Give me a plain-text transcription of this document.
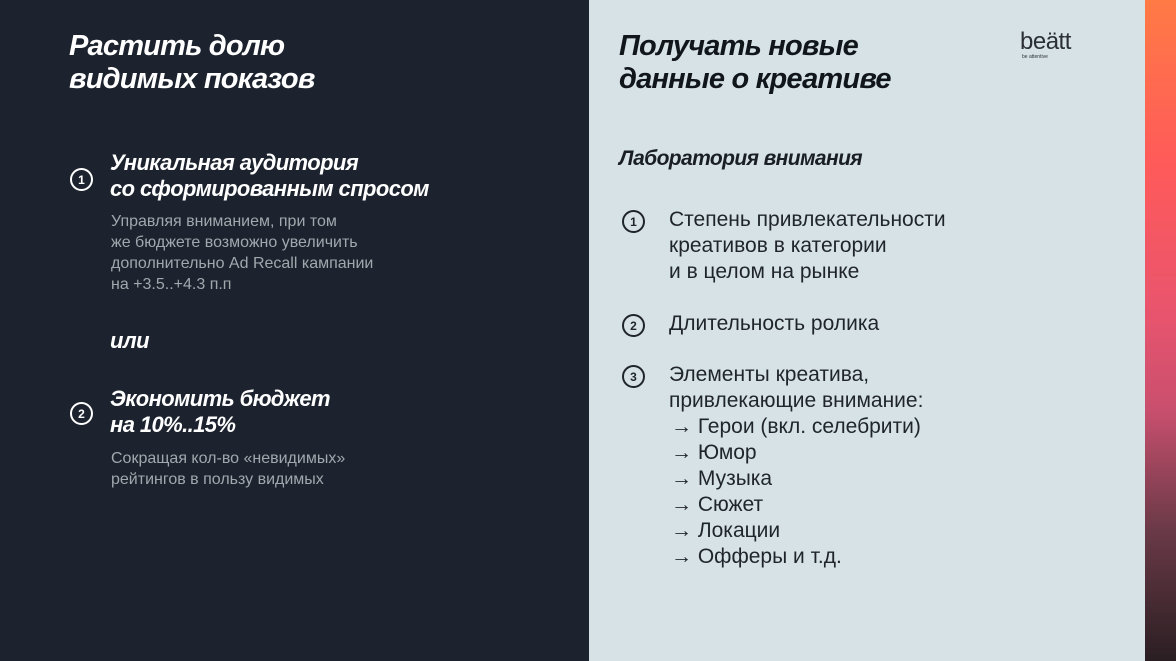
Растить долю
видимых показов
1
Уникальная аудитория
со сформированным спросом
Управляя вниманием, при том
же бюджете возможно увеличить
дополнительно Ad Recall кампании
на +3.5..+4.3 п.п
или
2
Экономить бюджет
на 10%..15%
Сокращая кол-во «невидимых»
рейтингов в пользу видимых
Получать новые
данные о креативе
Лаборатория внимания
1	Степень привлекательности
креативов в категории
и в целом на рынке
2	Длительность ролика
3	Элементы креатива,
привлекающие внимание:
→ Герои (вкл. селебрити)
→ Юмор
→ Музыка
→ Сюжет
→ Локации
→ Офферы и т.д.
beätt
be attentive
